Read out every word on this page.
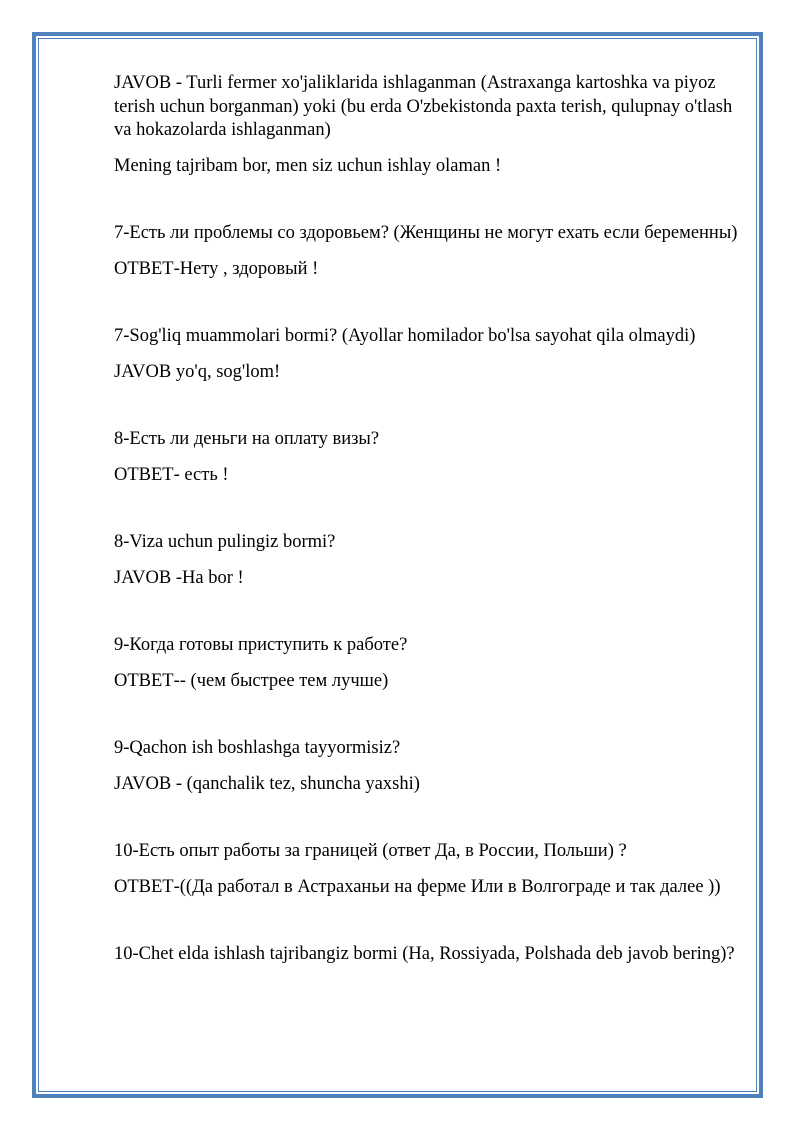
JAVOB - Turli fermer xo'jaliklarida ishlaganman (Astraxanga kartoshka va piyoz terish uchun borganman) yoki (bu erda O'zbekistonda paxta terish, qulupnay o'tlash va hokazolarda ishlaganman)

Mening tajribam bor, men siz uchun ishlay olaman !

7-Есть ли проблемы со здоровьем? (Женщины не могут ехать если беременны)

ОТВЕТ-Нету , здоровый !

7-Sog'liq muammolari bormi? (Ayollar homilador bo'lsa sayohat qila olmaydi)

JAVOB yo'q, sog'lom!

8-Есть ли деньги на оплату визы?

ОТВЕТ- есть !

8-Viza uchun pulingiz bormi?

JAVOB -Ha bor !

9-Когда готовы приступить к работе?

ОТВЕТ-- (чем быстрее тем лучше)

9-Qachon ish boshlashga tayyormisiz?

JAVOB - (qanchalik tez, shuncha yaxshi)

10-Есть опыт работы за границей (ответ Да, в России, Польши) ?

ОТВЕТ-((Да работал в Астраханьи на ферме Или в Волгограде и так далее ))

10-Chet elda ishlash tajribangiz bormi (Ha, Rossiyada, Polshada deb javob bering)?
